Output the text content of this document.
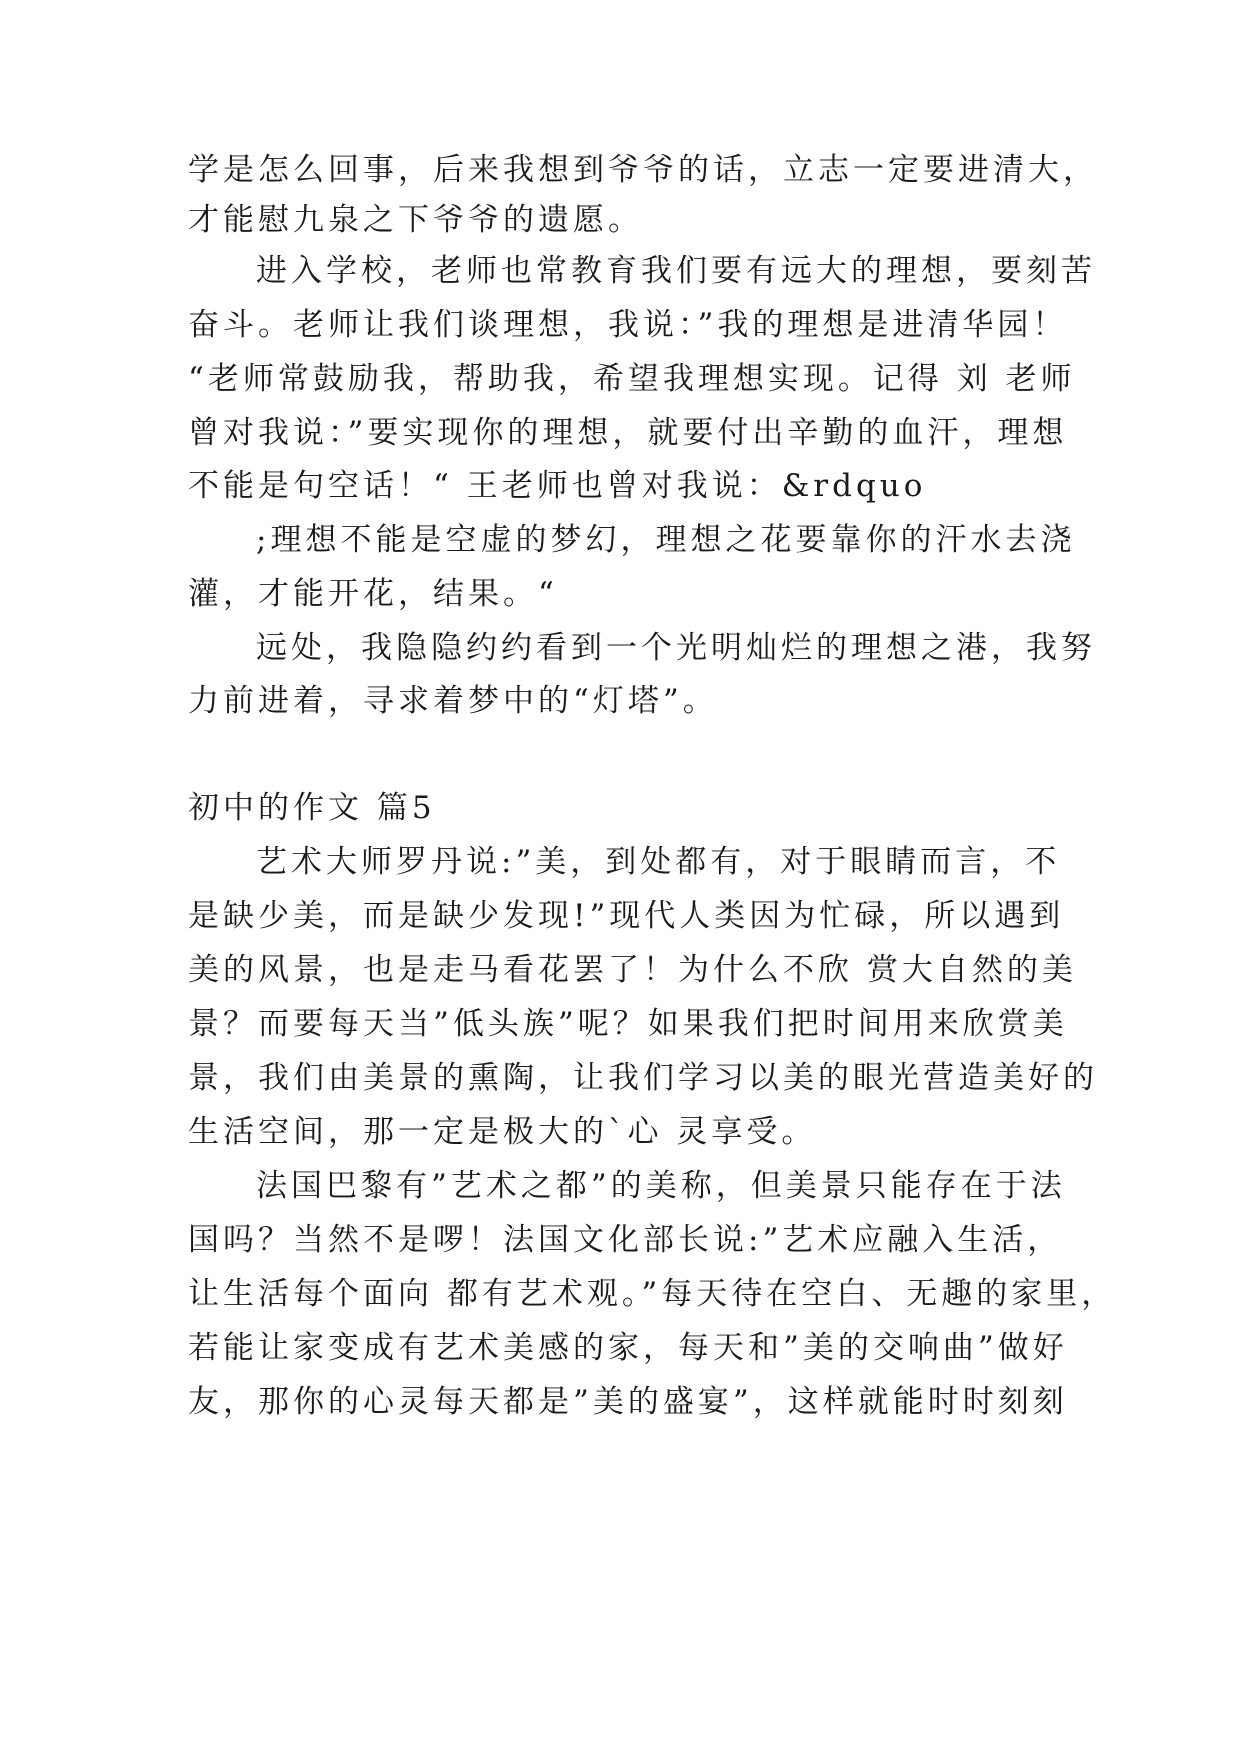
学是怎么回事，后来我想到爷爷的话，立志一定要进清大，
才能慰九泉之下爷爷的遗愿。
进入学校，老师也常教育我们要有远大的理想，要刻苦
奋斗。老师让我们谈理想，我说：”我的理想是进清华园！
“老师常鼓励我，帮助我，希望我理想实现。记得 刘 老师
曾对我说：”要实现你的理想，就要付出辛勤的血汗，理想
不能是句空话！“ 王老师也曾对我说：&rdquo
;理想不能是空虚的梦幻，理想之花要靠你的汗水去浇
灌，才能开花，结果。“
远处，我隐隐约约看到一个光明灿烂的理想之港，我努
力前进着，寻求着梦中的“灯塔”。
初中的作文 篇5
艺术大师罗丹说:”美，到处都有，对于眼睛而言，不
是缺少美，而是缺少发现!”现代人类因为忙碌，所以遇到
美的风景，也是走马看花罢了！为什么不欣 赏大自然的美
景？而要每天当”低头族”呢？如果我们把时间用来欣赏美
景，我们由美景的熏陶，让我们学习以美的眼光营造美好的
生活空间，那一定是极大的`心 灵享受。
法国巴黎有”艺术之都”的美称，但美景只能存在于法
国吗？当然不是啰！法国文化部长说:”艺术应融入生活，
让生活每个面向 都有艺术观。”每天待在空白、无趣的家里，
若能让家变成有艺术美感的家，每天和”美的交响曲”做好
友，那你的心灵每天都是”美的盛宴”，这样就能时时刻刻
